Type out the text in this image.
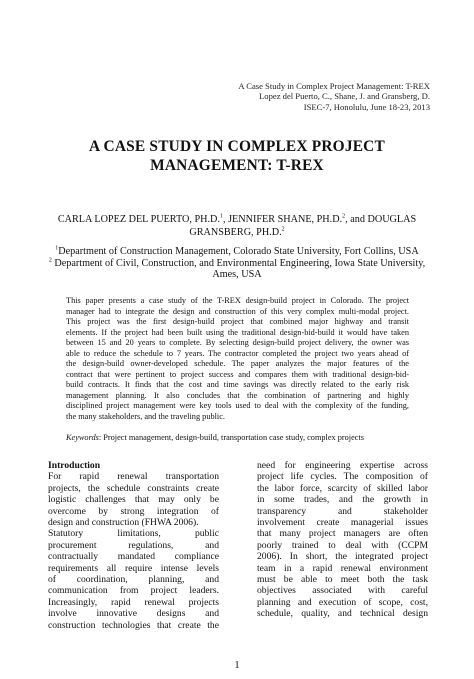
A Case Study in Complex Project Management: T-REX
Lopez del Puerto, C., Shane, J. and Gransberg, D.
ISEC-7, Honolulu, June 18-23, 2013
A CASE STUDY IN COMPLEX PROJECT
MANAGEMENT: T-REX
CARLA LOPEZ DEL PUERTO, PH.D.$^1$, JENNIFER SHANE, PH.D.$^2$, and DOUGLAS
GRANSBERG, PH.D.$^2$
$^1$Department of Construction Management, Colorado State University, Fort Collins, USA
$^2$ Department of Civil, Construction, and Environmental Engineering, Iowa State University,
Ames, USA
This paper presents a case study of the T-REX design-build project in Colorado. The project
manager had to integrate the design and construction of this very complex multi-modal project.
This project was the first design-build project that combined major highway and transit
elements. If the project had been built using the traditional design-bid-build it would have taken
between 15 and 20 years to complete. By selecting design-build project delivery, the owner was
able to reduce the schedule to 7 years. The contractor completed the project two years ahead of
the design-build owner-developed schedule. The paper analyzes the major features of the
contract that were pertinent to project success and compares them with traditional design-bid-
build contracts. It finds that the cost and time savings was directly related to the early risk
management planning. It also concludes that the combination of partnering and highly
disciplined project management were key tools used to deal with the complexity of the funding,
the many stakeholders, and the traveling public.
Keywords: Project management, design-build, transportation case study, complex projects
Introduction
For rapid renewal transportation
projects, the schedule constraints create
logistic challenges that may only be
overcome by strong integration of
design and construction (FHWA 2006).
Statutory limitations, public
procurement regulations, and
contractually mandated compliance
requirements all require intense levels
of coordination, planning, and
communication from project leaders.
Increasingly, rapid renewal projects
involve innovative designs and
construction technologies that create the
need for engineering expertise across
project life cycles. The composition of
the labor force, scarcity of skilled labor
in some trades, and the growth in
transparency and stakeholder
involvement create managerial issues
that many project managers are often
poorly trained to deal with (CCPM
2006). In short, the integrated project
team in a rapid renewal environment
must be able to meet both the task
objectives associated with careful
planning and execution of scope, cost,
schedule, quality, and technical design
1
